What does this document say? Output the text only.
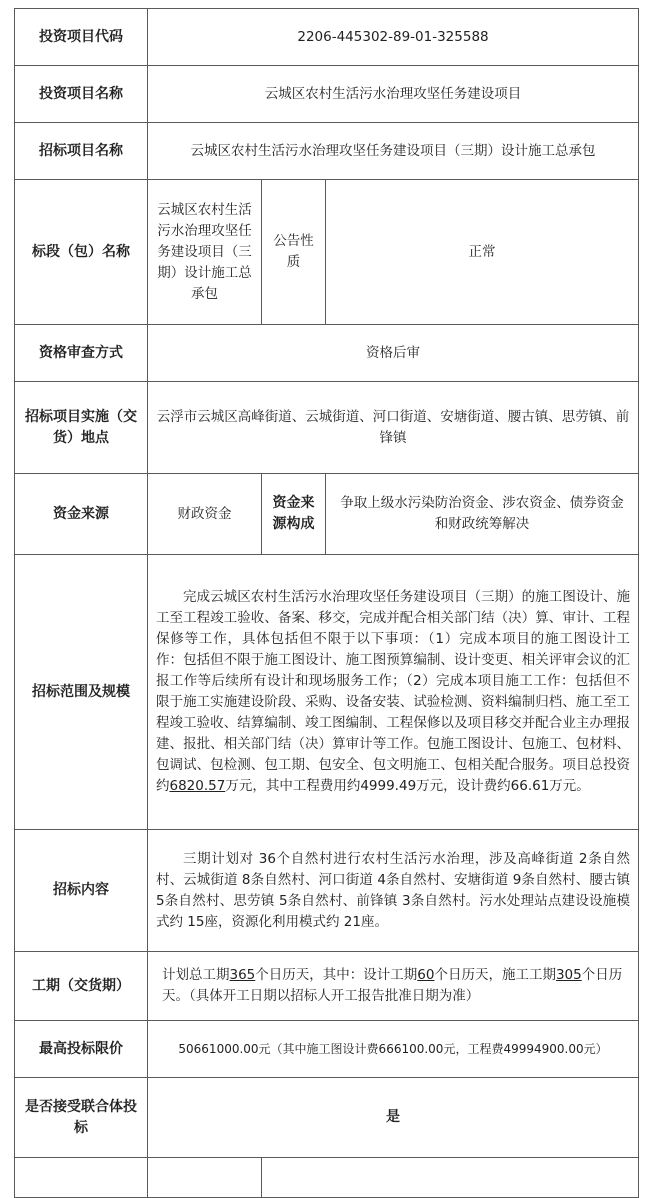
投资项目代码	2206-445302-89-01-325588		
投资项目名称	云城区农村生活污水治理攻坚任务建设项目		
招标项目名称	云城区农村生活污水治理攻坚任务建设项目（三期）设计施工总承包		
标段（包）名称	云城区农村生活污水治理攻坚任务建设项目（三期）设计施工总承包	公告性质	正常
资格审查方式	资格后审		
招标项目实施（交货）地点	云浮市云城区高峰街道、云城街道、河口街道、安塘街道、腰古镇、思劳镇、前锋镇		
资金来源	财政资金	资金来源构成	争取上级水污染防治资金、涉农资金、债券资金和财政统筹解决
招标范围及规模	完成云城区农村生活污水治理攻坚任务建设项目（三期）的施工图设计、施工至工程竣工验收、备案、移交，完成并配合相关部门结（决）算、审计、工程保修等工作，具体包括但不限于以下事项：（1）完成本项目的施工图设计工作：包括但不限于施工图设计、施工图预算编制、设计变更、相关评审会议的汇报工作等后续所有设计和现场服务工作；（2）完成本项目施工工作：包括但不限于施工实施建设阶段、采购、设备安装、试验检测、资料编制归档、施工至工程竣工验收、结算编制、竣工图编制、工程保修以及项目移交并配合业主办理报建、报批、相关部门结（决）算审计等工作。包施工图设计、包施工、包材料、包调试、包检测、包工期、包安全、包文明施工、包相关配合服务。项目总投资约6820.57万元，其中工程费用约4999.49万元，设计费约66.61万元。		
招标内容	三期计划对 36个自然村进行农村生活污水治理，涉及高峰街道 2条自然村、云城街道 8条自然村、河口街道 4条自然村、安塘街道 9条自然村、腰古镇5条自然村、思劳镇 5条自然村、前锋镇 3条自然村。污水处理站点建设设施模式约 15座，资源化利用模式约 21座。		
工期（交货期）	计划总工期365个日历天，其中：设计工期60个日历天，施工工期305个日历天。（具体开工日期以招标人开工报告批准日期为准）		
最高投标限价	50661000.00元（其中施工图设计费666100.00元，工程费49994900.00元）		
是否接受联合体投标	是		
